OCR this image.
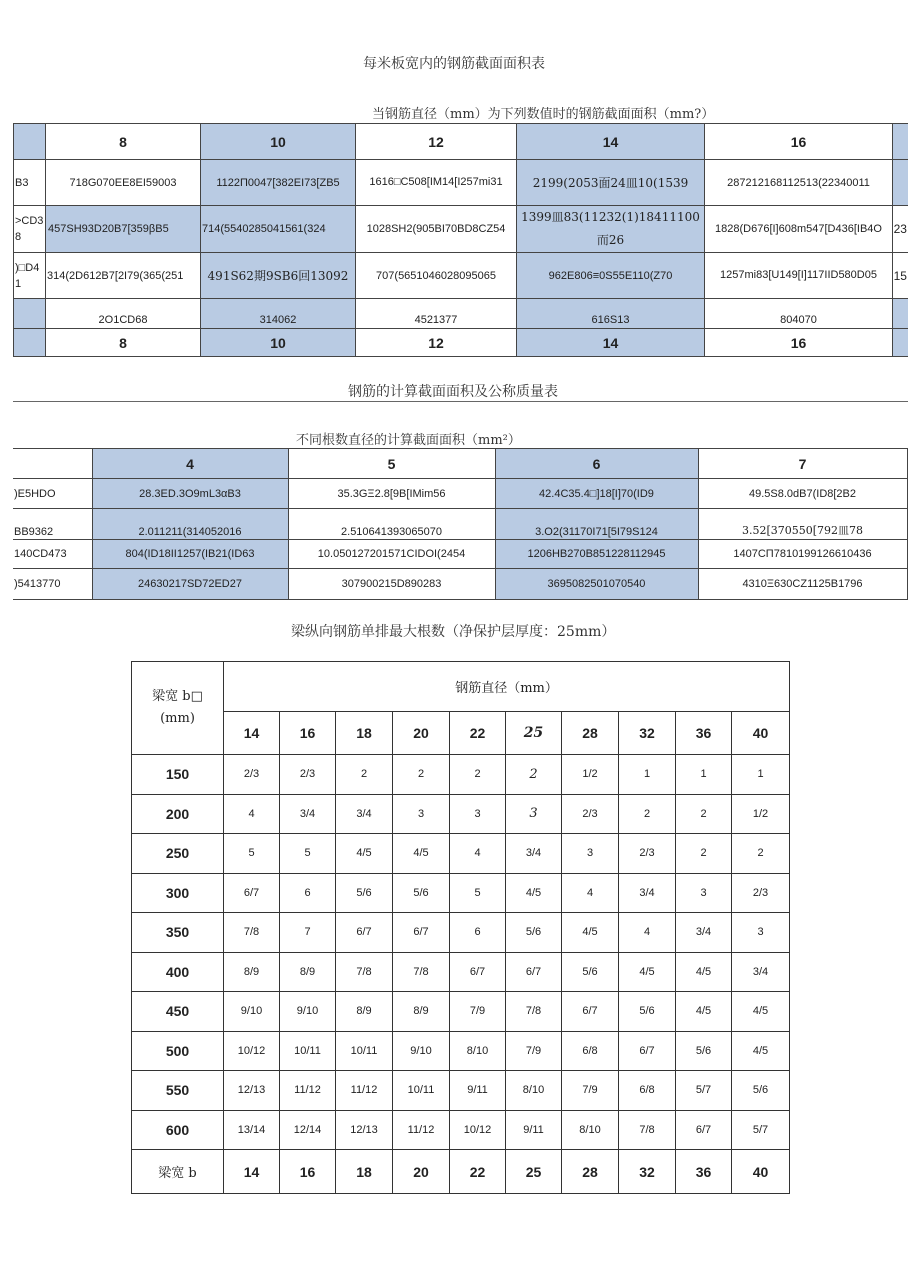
每米板宽内的钢筋截面面积表
当钢筋直径（mm）为下列数值时的钢筋截面面积（mm?）
	8	10	12	14	16	
B3	718G070EE8EI59003	1122П0047[382EI73[ZB5	1616□C508[IM14[I257mi31	2199(2053面24皿10(1539	287212168112513(22340011	
>CD38	457SH93D20B7[359βB5	714(5540285041561(324	1028SH2(905BI70BD8CZ54	1399皿83(11232(1)18411100而26	1828(D676[I]608m547[D436[IB4O	23
)□D41	314(2D612B7[2I79(365(251	491S62期9SB6回13092	707(5651046028095065	962E806≡0S55E110(Z70	1257mi83[U149[I]117IID580D05	15
	2O1CD68	314062	4521377	616S13	804070	
	8	10	12	14	16	
钢筋的计算截面面积及公称质量表
不同根数直径的计算截面面积（mm²）
	4	5	6	7
)E5HDO	28.3ED.3O9mL3αB3	35.3GΞ2.8[9B[IMim56	42.4C35.4□]18[I]70(ID9	49.5S8.0dB7(ID8[2B2
BB9362	2.011211(314052016	2.510641393065070	3.O2(31170I71[5I79S124	3.52[370550[792皿78
140CD473	804(ID18II1257(IB21(ID63	10.050127201571CIDOI(2454	1206HB270B851228112945	1407CП7810199126610436
)5413770	24630217SD72ED27	307900215D890283	3695082501070540	4310Ξ630CZ1125B1796
梁纵向钢筋单排最大根数（净保护层厚度：25mm）
梁宽 b□
(mm)	钢筋直径（mm）									
	14	16	18	20	22	25	28	32	36	40
150	2/3	2/3	2	2	2	2	1/2	1	1	1
200	4	3/4	3/4	3	3	3	2/3	2	2	1/2
250	5	5	4/5	4/5	4	3/4	3	2/3	2	2
300	6/7	6	5/6	5/6	5	4/5	4	3/4	3	2/3
350	7/8	7	6/7	6/7	6	5/6	4/5	4	3/4	3
400	8/9	8/9	7/8	7/8	6/7	6/7	5/6	4/5	4/5	3/4
450	9/10	9/10	8/9	8/9	7/9	7/8	6/7	5/6	4/5	4/5
500	10/12	10/11	10/11	9/10	8/10	7/9	6/8	6/7	5/6	4/5
550	12/13	11/12	11/12	10/11	9/11	8/10	7/9	6/8	5/7	5/6
600	13/14	12/14	12/13	11/12	10/12	9/11	8/10	7/8	6/7	5/7
梁宽 b	14	16	18	20	22	25	28	32	36	40
